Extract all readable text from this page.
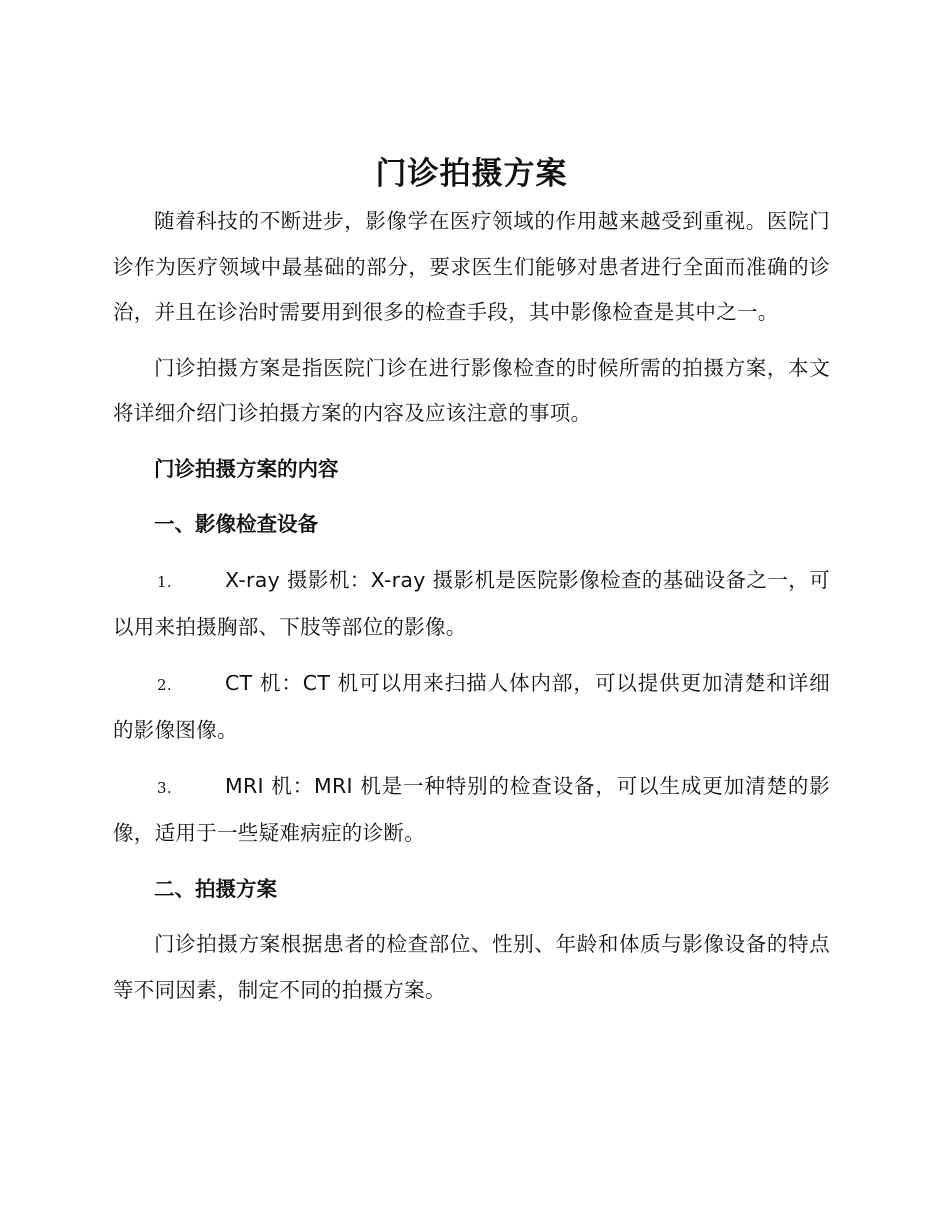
门诊拍摄方案

随着科技的不断进步，影像学在医疗领域的作用越来越受到重视。医院门诊作为医疗领域中最基础的部分，要求医生们能够对患者进行全面而准确的诊治，并且在诊治时需要用到很多的检查手段，其中影像检查是其中之一。

门诊拍摄方案是指医院门诊在进行影像检查的时候所需的拍摄方案，本文将详细介绍门诊拍摄方案的内容及应该注意的事项。

门诊拍摄方案的内容
一、影像检查设备
1.	X-ray 摄影机：X-ray 摄影机是医院影像检查的基础设备之一，可以用来拍摄胸部、下肢等部位的影像。
2.	CT 机：CT 机可以用来扫描人体内部，可以提供更加清楚和详细的影像图像。
3.	MRI 机：MRI 机是一种特别的检查设备，可以生成更加清楚的影像，适用于一些疑难病症的诊断。
二、拍摄方案

门诊拍摄方案根据患者的检查部位、性别、年龄和体质与影像设备的特点等不同因素，制定不同的拍摄方案。
